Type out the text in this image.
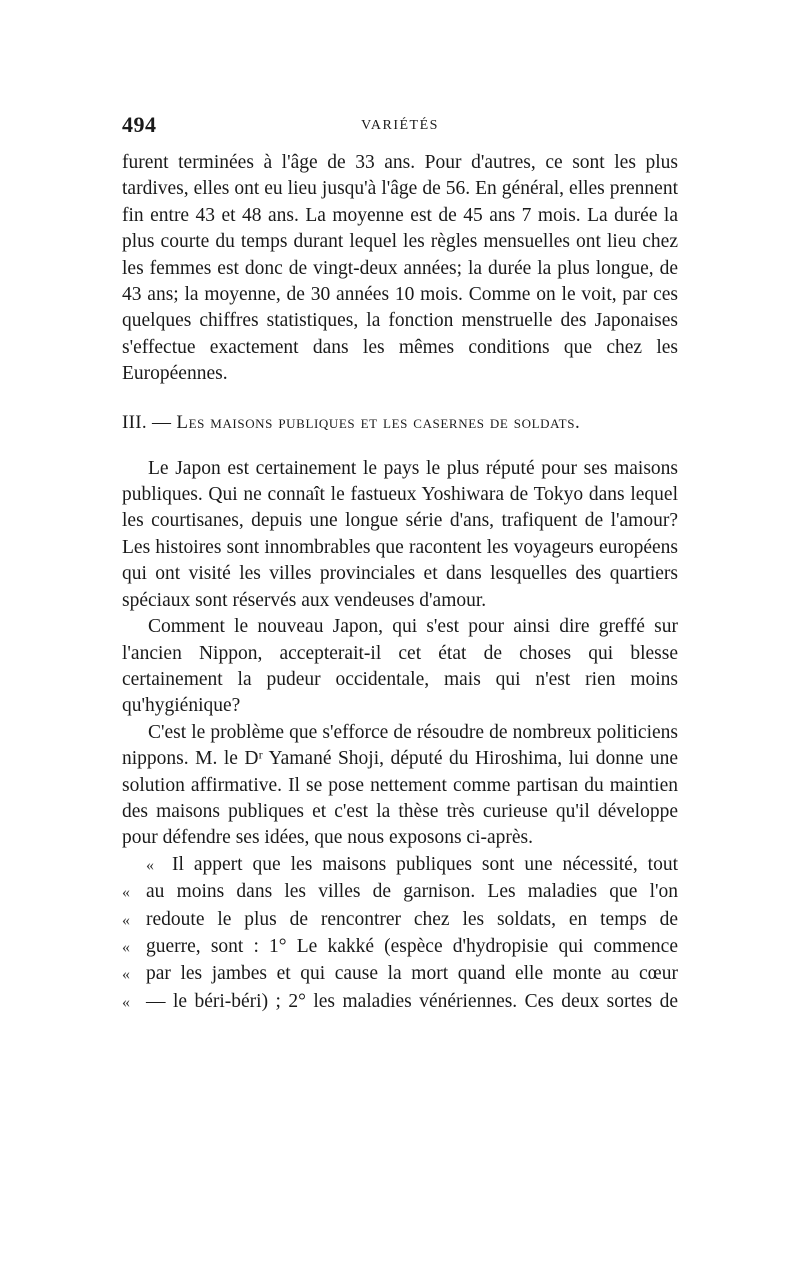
494	VARIÉTÉS

furent terminées à l'âge de 33 ans. Pour d'autres, ce sont les plus tardives, elles ont eu lieu jusqu'à l'âge de 56. En général, elles prennent fin entre 43 et 48 ans. La moyenne est de 45 ans 7 mois. La durée la plus courte du temps durant lequel les règles mensuelles ont lieu chez les femmes est donc de vingt-deux années; la durée la plus longue, de 43 ans; la moyenne, de 30 années 10 mois. Comme on le voit, par ces quelques chiffres statistiques, la fonction menstruelle des Japonaises s'effectue exactement dans les mêmes conditions que chez les Européennes.

III. — Les maisons publiques et les casernes de soldats.

Le Japon est certainement le pays le plus réputé pour ses maisons publiques. Qui ne connaît le fastueux Yoshiwara de Tokyo dans lequel les courtisanes, depuis une longue série d'ans, trafiquent de l'amour? Les histoires sont innombrables que racontent les voyageurs européens qui ont visité les villes provinciales et dans lesquelles des quartiers spéciaux sont réservés aux vendeuses d'amour.

Comment le nouveau Japon, qui s'est pour ainsi dire greffé sur l'ancien Nippon, accepterait-il cet état de choses qui blesse certainement la pudeur occidentale, mais qui n'est rien moins qu'hygiénique?

C'est le problème que s'efforce de résoudre de nombreux politiciens nippons. M. le Dʳ Yamané Shoji, député du Hiroshima, lui donne une solution affirmative. Il se pose nettement comme partisan du maintien des maisons publiques et c'est la thèse très curieuse qu'il développe pour défendre ses idées, que nous exposons ci-après.

« Il appert que les maisons publiques sont une nécessité, tout
« au moins dans les villes de garnison. Les maladies que l'on
« redoute le plus de rencontrer chez les soldats, en temps de
« guerre, sont : 1° Le kakké (espèce d'hydropisie qui commence
« par les jambes et qui cause la mort quand elle monte au cœur
« — le béri-béri) ; 2° les maladies vénériennes. Ces deux sortes de
